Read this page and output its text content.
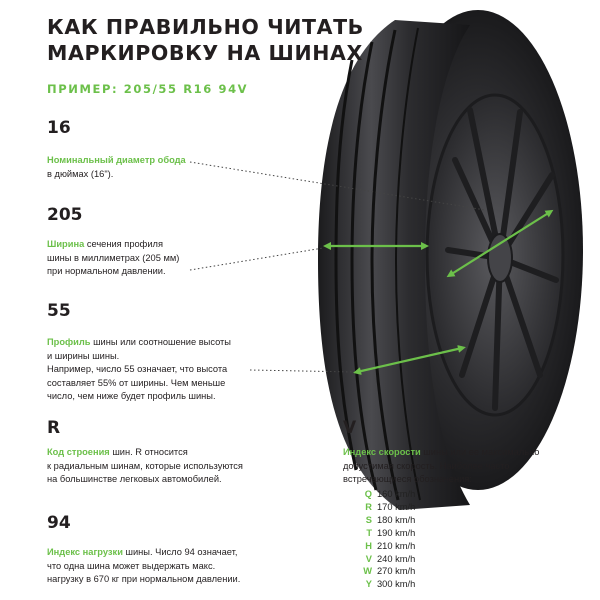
КАК ПРАВИЛЬНО ЧИТАТЬ
МАРКИРОВКУ НА ШИНАХ
ПРИМЕР: 205/55 R16 94V
16
Номинальный диаметр обода
в дюймах (16").
205
Ширина сечения профиля
шины в миллиметрах (205 мм)
при нормальном давлении.
55
Профиль шины или соотношение высоты
и ширины шины.
Например, число 55 означает, что высота
составляет 55% от ширины. Чем меньше
число, чем ниже будет профиль шины.
R
Код строения шин. R относится
к радиальным шинам, которые используются
на большинстве легковых автомобилей.
94
Индекс нагрузки шины. Число 94 означает,
что одна шина может выдержать макс.
нагрузку в 670 кг при нормальном давлении.
V
Индекс скорости шины или ее максимально
допустимая скорость. Наиболее часто
встречающиеся обозначения:
Q 160 km/h
R 170 km/h
S 180 km/h
T 190 km/h
H 210 km/h
V 240 km/h
W 270 km/h
Y 300 km/h
